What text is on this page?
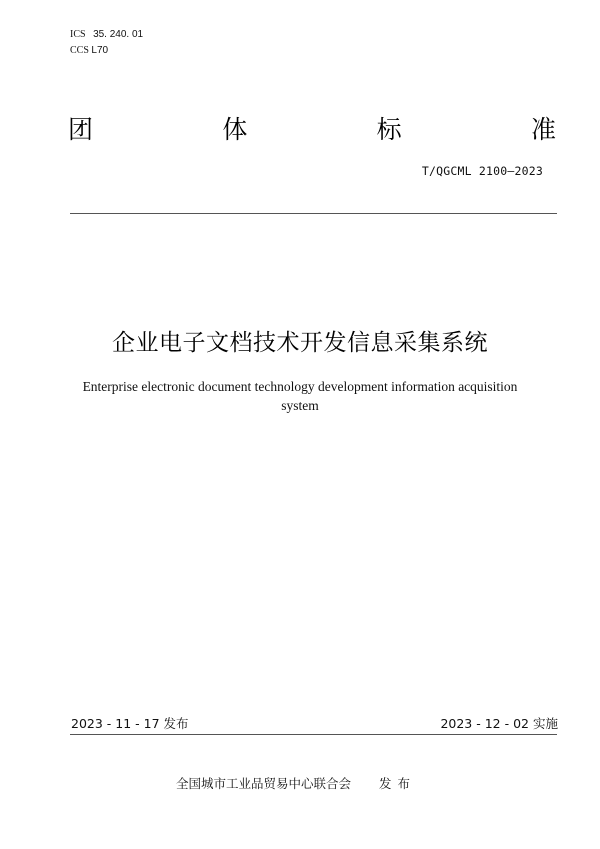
ICS 35. 240. 01
CCS L70
团	体	标	准
T/QGCML 2100—2023
企业电子文档技术开发信息采集系统
Enterprise electronic document technology development information acquisition
system
2023 - 11 - 17 发布	2023 - 12 - 02 实施
全国城市工业品贸易中心联合会 发布
